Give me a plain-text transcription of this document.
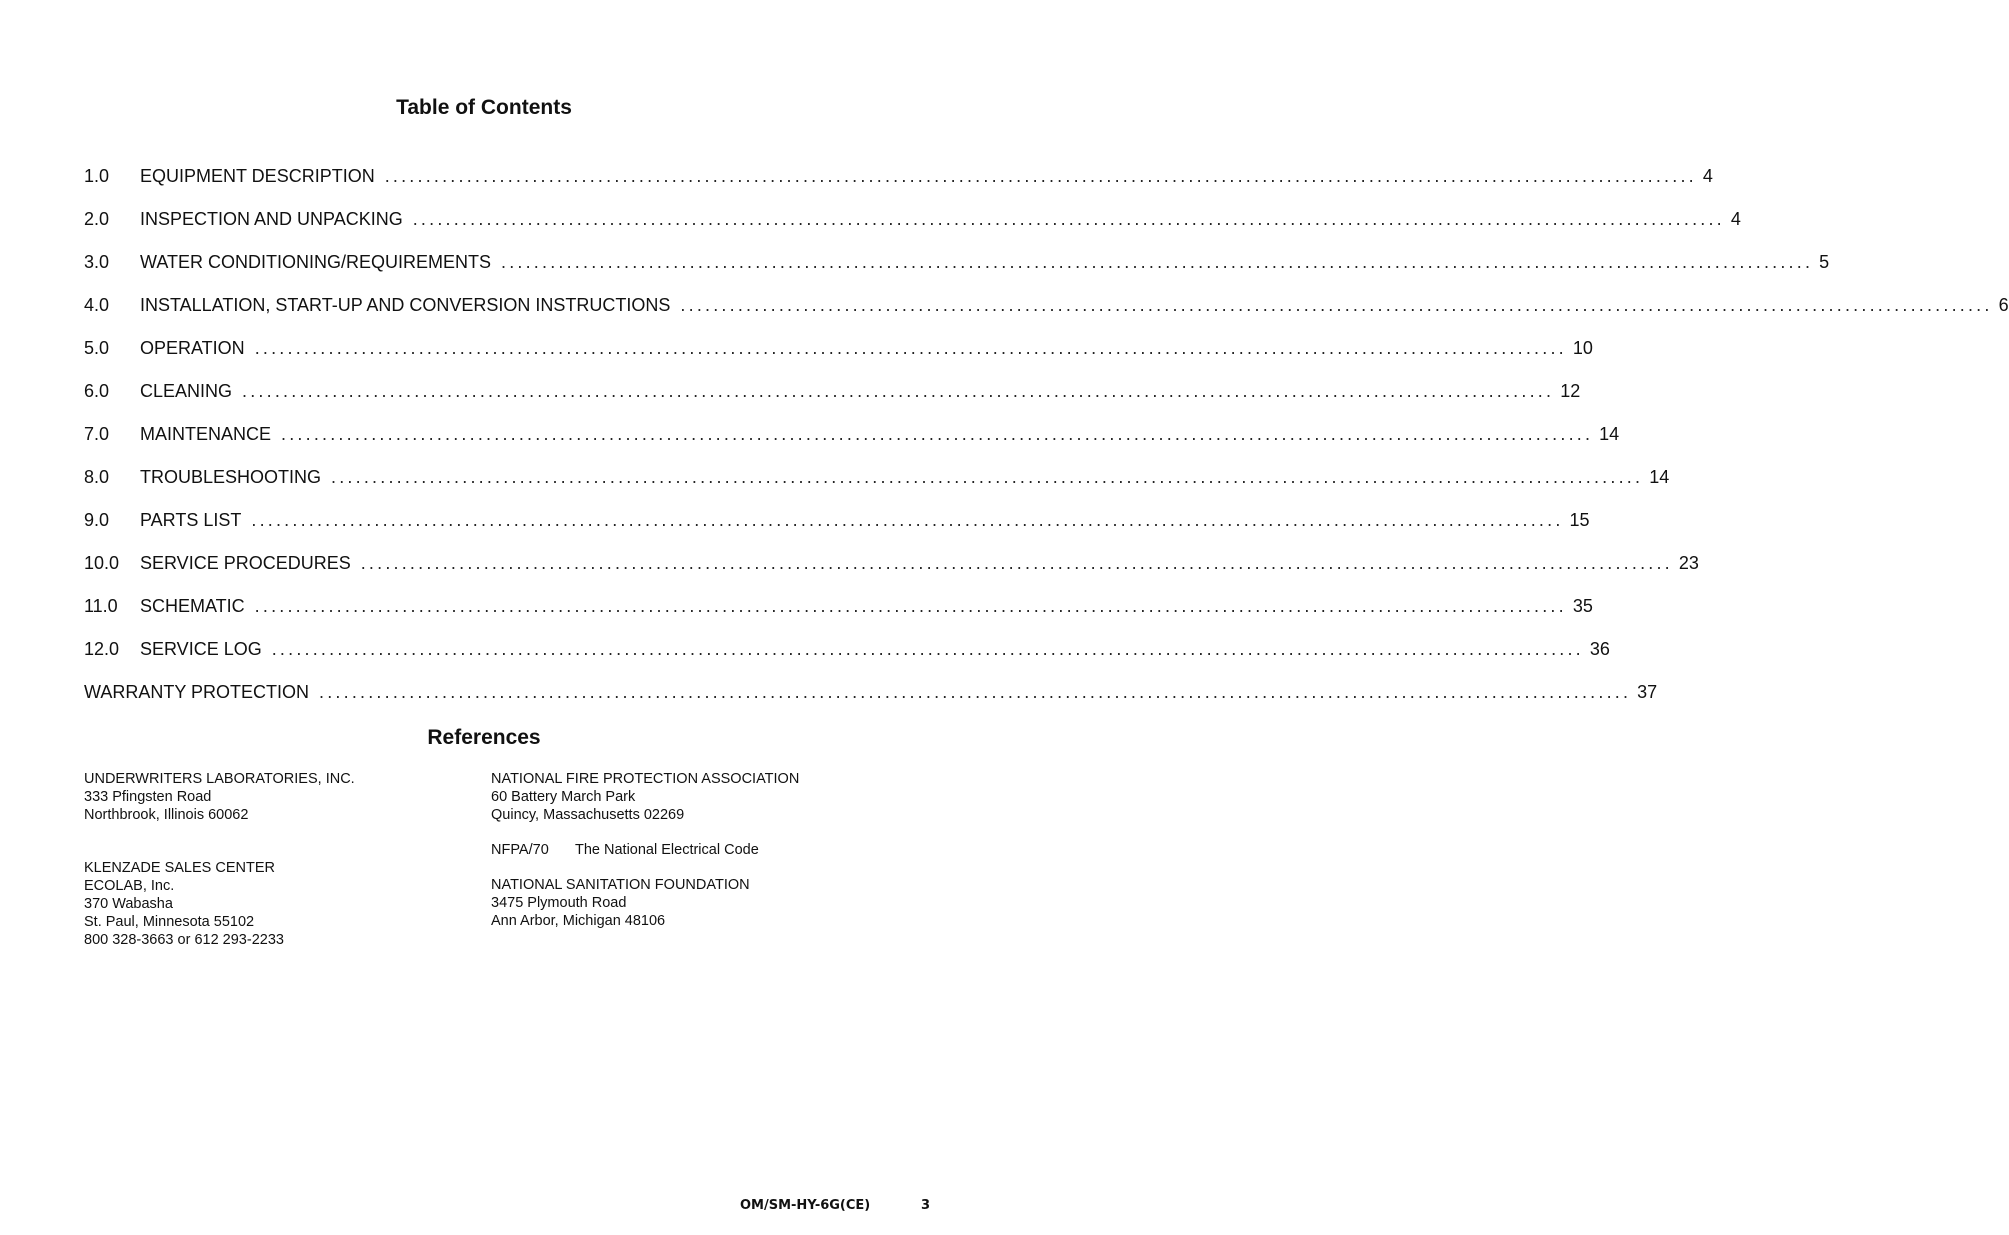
Table of Contents
1.0	EQUIPMENT DESCRIPTION ................................................................................................................................................................ 4
2.0	INSPECTION AND UNPACKING ................................................................................................................................................................ 4
3.0	WATER CONDITIONING/REQUIREMENTS ................................................................................................................................................................ 5
4.0	INSTALLATION, START-UP AND CONVERSION INSTRUCTIONS ................................................................................................................................................................ 6
5.0	OPERATION ................................................................................................................................................................ 10
6.0	CLEANING ................................................................................................................................................................ 12
7.0	MAINTENANCE ................................................................................................................................................................ 14
8.0	TROUBLESHOOTING ................................................................................................................................................................ 14
9.0	PARTS LIST ................................................................................................................................................................ 15
10.0	SERVICE PROCEDURES ................................................................................................................................................................ 23
11.0	SCHEMATIC ................................................................................................................................................................ 35
12.0	SERVICE LOG ................................................................................................................................................................ 36
WARRANTY PROTECTION ................................................................................................................................................................ 37
References
UNDERWRITERS LABORATORIES, INC.
333 Pfingsten Road
Northbrook, Illinois 60062
KLENZADE SALES CENTER
ECOLAB, Inc.
370 Wabasha
St. Paul, Minnesota 55102
800 328-3663 or 612 293-2233
NATIONAL FIRE PROTECTION ASSOCIATION
60 Battery March Park
Quincy, Massachusetts 02269
NFPA/70 The National Electrical Code
NATIONAL SANITATION FOUNDATION
3475 Plymouth Road
Ann Arbor, Michigan 48106
OM/SM-HY-6G(CE)	3
